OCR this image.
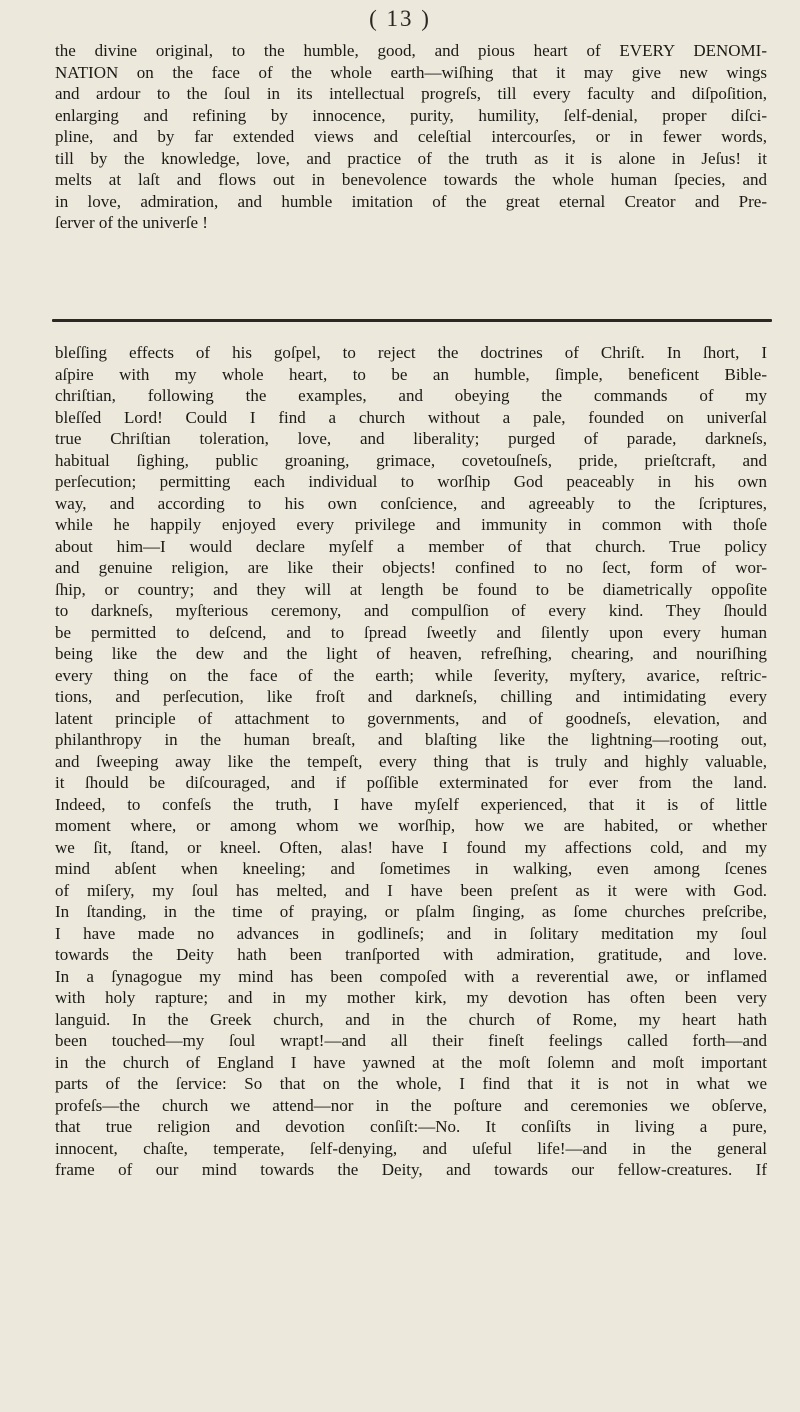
( 13 )
the divine original, to the humble, good, and pious heart of EVERY DENOMI-
NATION on the face of the whole earth—wiſhing that it may give new wings
and ardour to the ſoul in its intellectual progreſs, till every faculty and diſpoſition,
enlarging and refining by innocence, purity, humility, ſelf-denial, proper diſci-
pline, and by far extended views and celeſtial intercourſes, or in fewer words,
till by the knowledge, love, and practice of the truth as it is alone in Jeſus! it
melts at laſt and flows out in benevolence towards the whole human ſpecies, and
in love, admiration, and humble imitation of the great eternal Creator and Pre-
ſerver of the univerſe !
bleſſing effects of his goſpel, to reject the doctrines of Chriſt. In ſhort, I
aſpire with my whole heart, to be an humble, ſimple, beneficent Bible-
chriſtian, following the examples, and obeying the commands of my
bleſſed Lord! Could I find a church without a pale, founded on univerſal
true Chriſtian toleration, love, and liberality; purged of parade, darkneſs,
habitual ſighing, public groaning, grimace, covetouſneſs, pride, prieſtcraft, and
perſecution; permitting each individual to worſhip God peaceably in his own
way, and according to his own conſcience, and agreeably to the ſcriptures,
while he happily enjoyed every privilege and immunity in common with thoſe
about him—I would declare myſelf a member of that church. True policy
and genuine religion, are like their objects! confined to no ſect, form of wor-
ſhip, or country; and they will at length be found to be diametrically oppoſite
to darkneſs, myſterious ceremony, and compulſion of every kind. They ſhould
be permitted to deſcend, and to ſpread ſweetly and ſilently upon every human
being like the dew and the light of heaven, refreſhing, chearing, and nouriſhing
every thing on the face of the earth; while ſeverity, myſtery, avarice, reſtric-
tions, and perſecution, like froſt and darkneſs, chilling and intimidating every
latent principle of attachment to governments, and of goodneſs, elevation, and
philanthropy in the human breaſt, and blaſting like the lightning—rooting out,
and ſweeping away like the tempeſt, every thing that is truly and highly valuable,
it ſhould be diſcouraged, and if poſſible exterminated for ever from the land.
Indeed, to confeſs the truth, I have myſelf experienced, that it is of little
moment where, or among whom we worſhip, how we are habited, or whether
we ſit, ſtand, or kneel. Often, alas! have I found my affections cold, and my
mind abſent when kneeling; and ſometimes in walking, even among ſcenes
of miſery, my ſoul has melted, and I have been preſent as it were with God.
In ſtanding, in the time of praying, or pſalm ſinging, as ſome churches preſcribe,
I have made no advances in godlineſs; and in ſolitary meditation my ſoul
towards the Deity hath been tranſported with admiration, gratitude, and love.
In a ſynagogue my mind has been compoſed with a reverential awe, or inflamed
with holy rapture; and in my mother kirk, my devotion has often been very
languid. In the Greek church, and in the church of Rome, my heart hath
been touched—my ſoul wrapt!—and all their fineſt feelings called forth—and
in the church of England I have yawned at the moſt ſolemn and moſt important
parts of the ſervice: So that on the whole, I find that it is not in what we
profeſs—the church we attend—nor in the poſture and ceremonies we obſerve,
that true religion and devotion conſiſt:—No. It conſiſts in living a pure,
innocent, chaſte, temperate, ſelf-denying, and uſeful life!—and in the general
frame of our mind towards the Deity, and towards our fellow-creatures. If
